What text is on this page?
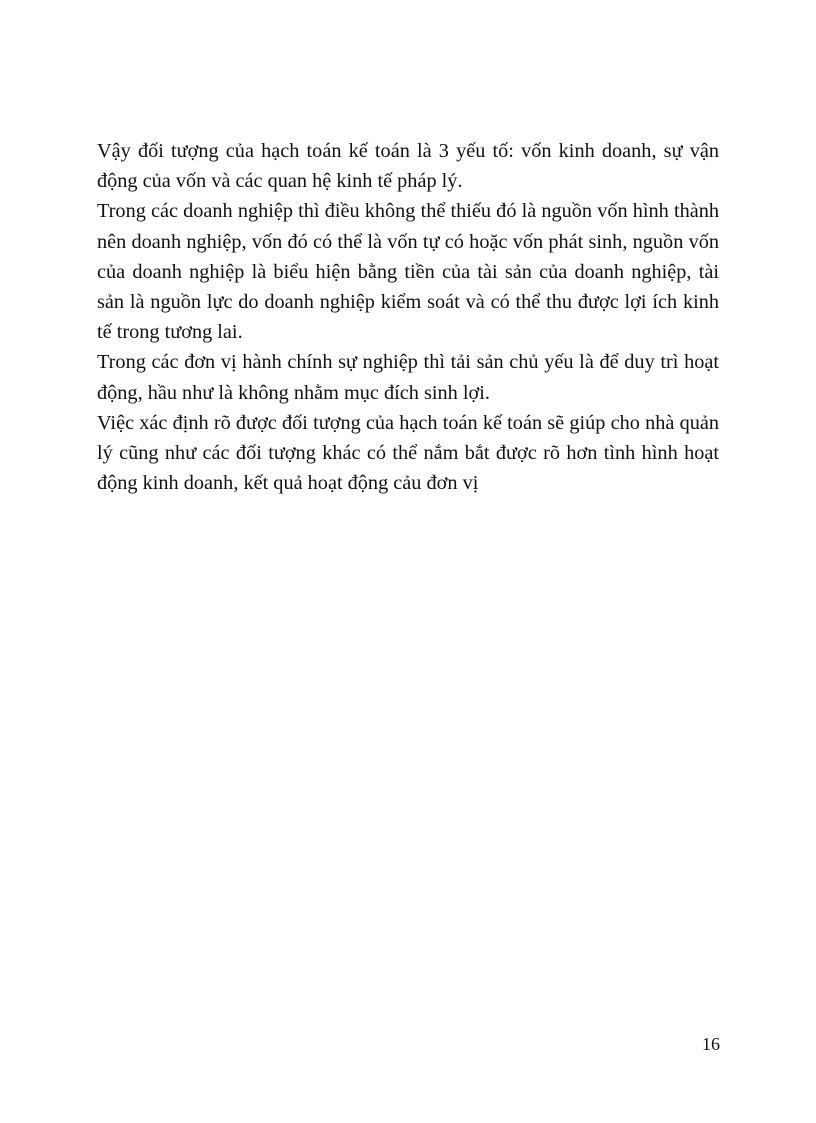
Vậy đối tượng của hạch toán kế toán là 3 yếu tố: vốn kinh doanh, sự vận động của vốn và các quan hệ kinh tế pháp lý.

Trong các doanh nghiệp thì điều không thể thiếu đó là nguồn vốn hình thành nên doanh nghiệp, vốn đó có thể là vốn tự có hoặc vốn phát sinh, nguồn vốn của doanh nghiệp là biểu hiện bằng tiền của tài sản của doanh nghiệp, tài sản là nguồn lực do doanh nghiệp kiểm soát và có thể thu được lợi ích kinh tế trong tương lai.

Trong các đơn vị hành chính sự nghiệp thì tải sản chủ yếu là để duy trì hoạt động, hầu như là không nhằm mục đích sinh lợi.

Việc xác định rõ được đối tượng của hạch toán kế toán sẽ giúp cho nhà quản lý cũng như các đối tượng khác có thể nắm bắt được rõ hơn tình hình hoạt động kinh doanh, kết quả hoạt động cảu đơn vị

16
